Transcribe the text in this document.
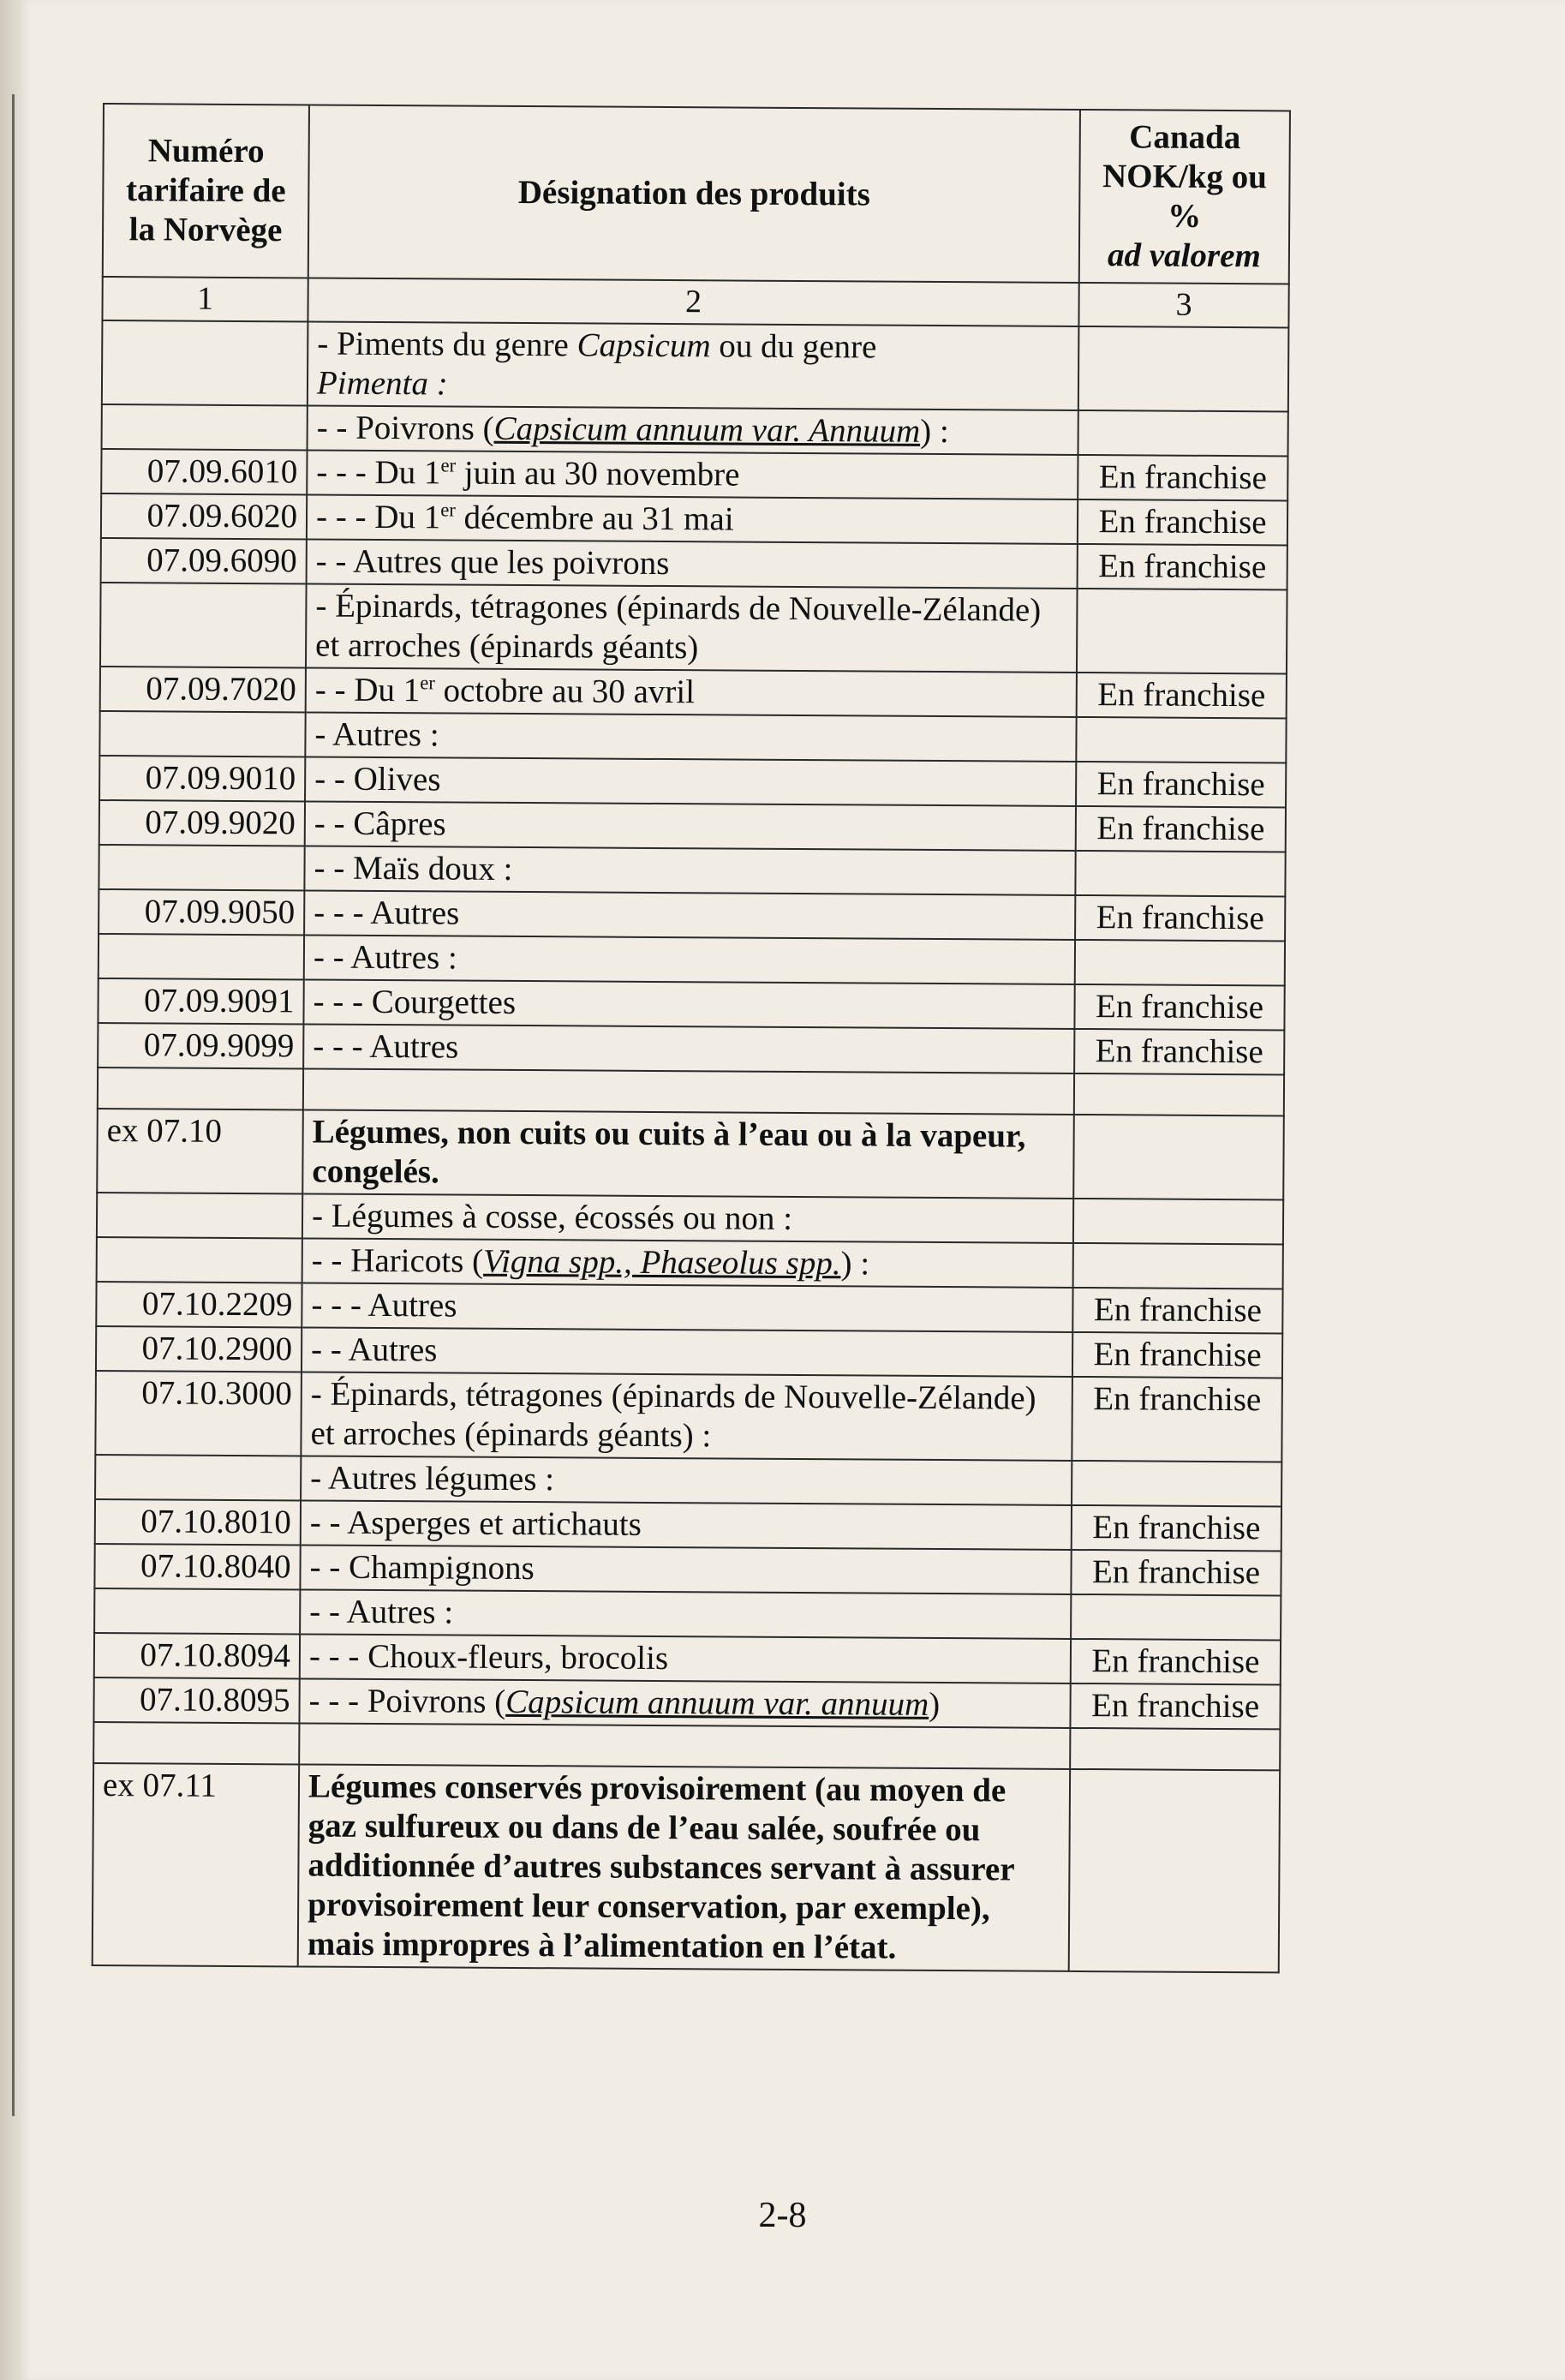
Numéro tarifaire de la Norvège	Désignation des produits	Canada NOK/kg ou %
ad valorem
1	2	3
	- Piments du genre Capsicum ou du genre
Pimenta :	
	- - Poivrons (Capsicum annuum var. Annuum) :	
07.09.6010	- - - Du 1er juin au 30 novembre	En franchise
07.09.6020	- - - Du 1er décembre au 31 mai	En franchise
07.09.6090	- - Autres que les poivrons	En franchise
	- Épinards, tétragones (épinards de Nouvelle-Zélande) et arroches (épinards géants)	
07.09.7020	- - Du 1er octobre au 30 avril	En franchise
	- Autres :	
07.09.9010	- - Olives	En franchise
07.09.9020	- - Câpres	En franchise
	- - Maïs doux :	
07.09.9050	- - - Autres	En franchise
	- - Autres :	
07.09.9091	- - - Courgettes	En franchise
07.09.9099	- - - Autres	En franchise

ex 07.10	Légumes, non cuits ou cuits à l’eau ou à la vapeur, congelés.	
	- Légumes à cosse, écossés ou non :	
	- - Haricots (Vigna spp., Phaseolus spp.) :	
07.10.2209	- - - Autres	En franchise
07.10.2900	- - Autres	En franchise
07.10.3000	- Épinards, tétragones (épinards de Nouvelle-Zélande) et arroches (épinards géants) :	En franchise
	- Autres légumes :	
07.10.8010	- - Asperges et artichauts	En franchise
07.10.8040	- - Champignons	En franchise
	- - Autres :	
07.10.8094	- - - Choux-fleurs, brocolis	En franchise
07.10.8095	- - - Poivrons (Capsicum annuum var. annuum)	En franchise

ex 07.11	Légumes conservés provisoirement (au moyen de gaz sulfureux ou dans de l’eau salée, soufrée ou additionnée d’autres substances servant à assurer provisoirement leur conservation, par exemple), mais impropres à l’alimentation en l’état.	
2-8
